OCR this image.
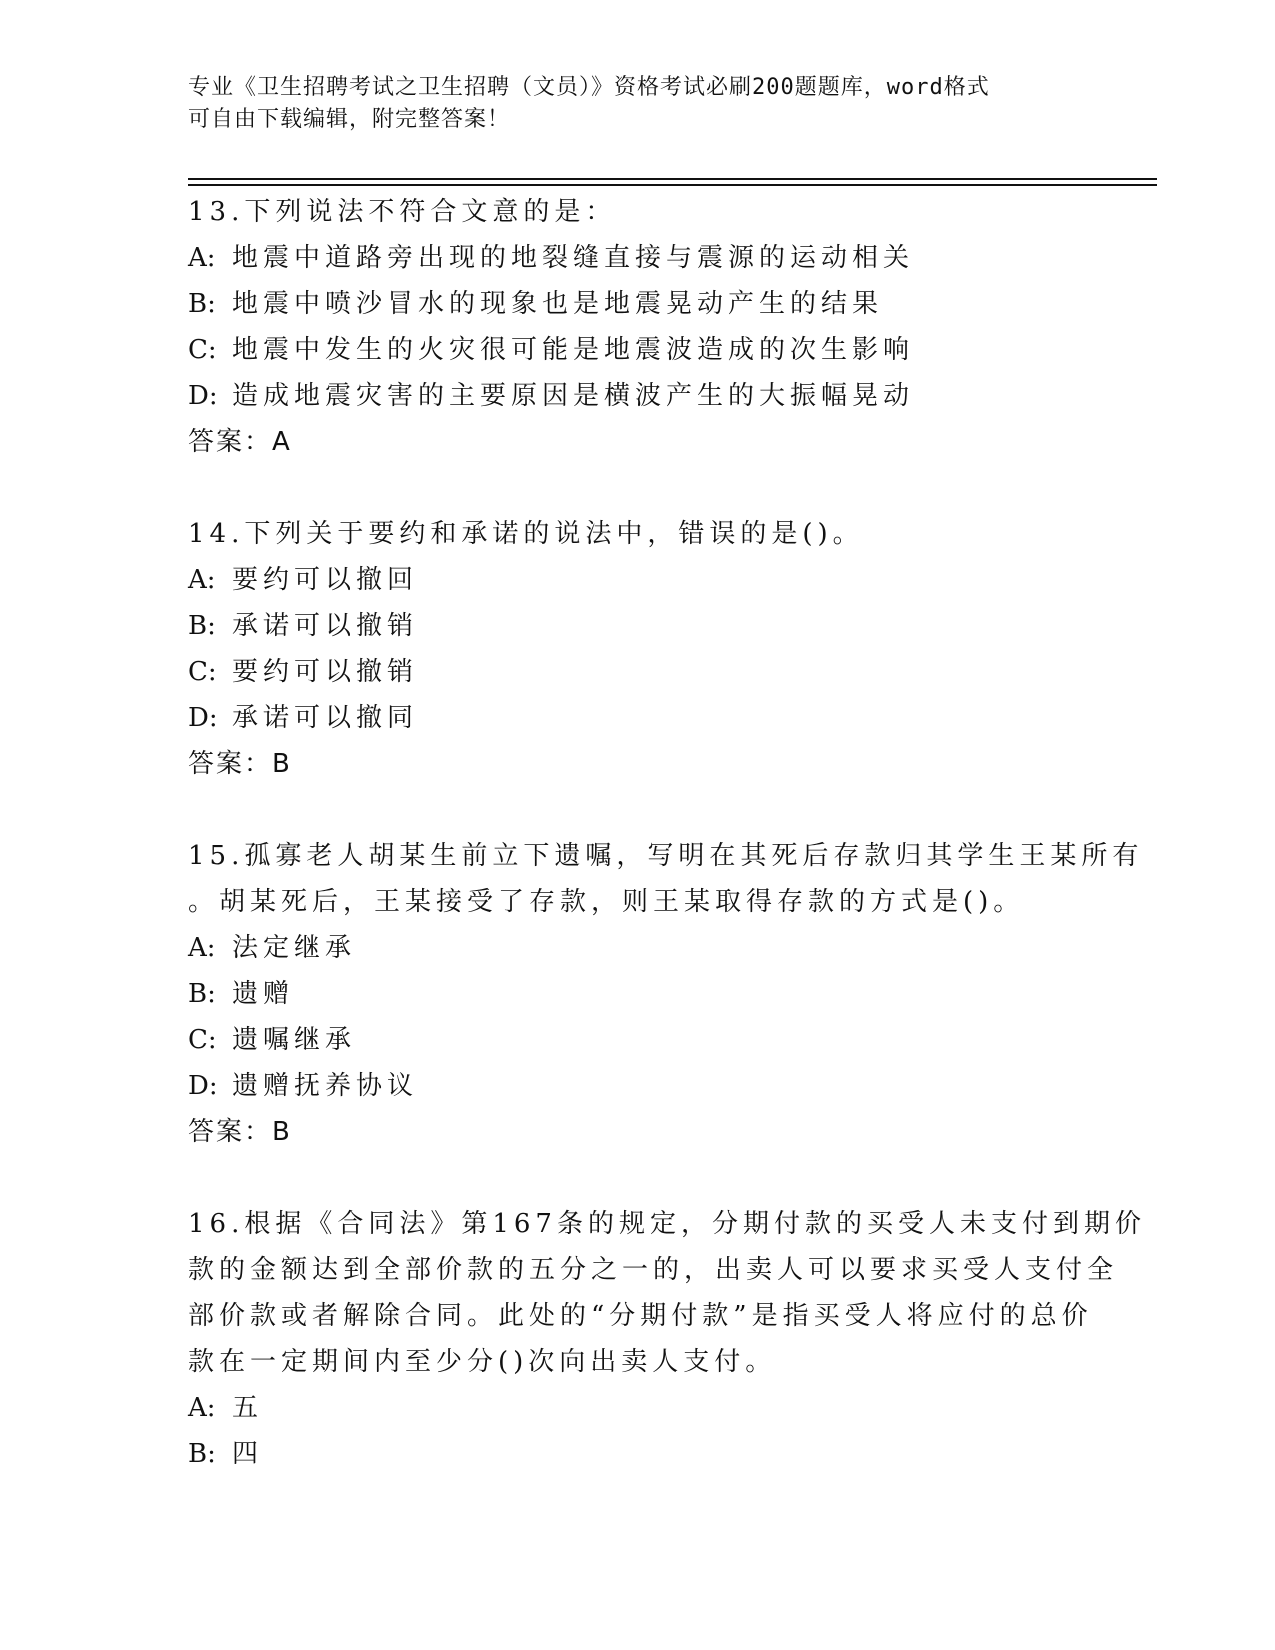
专业《卫生招聘考试之卫生招聘（文员）》资格考试必刷200题题库，word格式
可自由下载编辑，附完整答案！
13.下列说法不符合文意的是：
A: 地震中道路旁出现的地裂缝直接与震源的运动相关
B: 地震中喷沙冒水的现象也是地震晃动产生的结果
C: 地震中发生的火灾很可能是地震波造成的次生影响
D: 造成地震灾害的主要原因是横波产生的大振幅晃动
答案：A
14.下列关于要约和承诺的说法中，错误的是()。
A: 要约可以撤回
B: 承诺可以撤销
C: 要约可以撤销
D: 承诺可以撤同
答案：B
15.孤寡老人胡某生前立下遗嘱，写明在其死后存款归其学生王某所有
。胡某死后，王某接受了存款，则王某取得存款的方式是()。
A: 法定继承
B: 遗赠
C: 遗嘱继承
D: 遗赠抚养协议
答案：B
16.根据《合同法》第167条的规定，分期付款的买受人未支付到期价
款的金额达到全部价款的五分之一的，出卖人可以要求买受人支付全
部价款或者解除合同。此处的“分期付款”是指买受人将应付的总价
款在一定期间内至少分()次向出卖人支付。
A: 五
B: 四
